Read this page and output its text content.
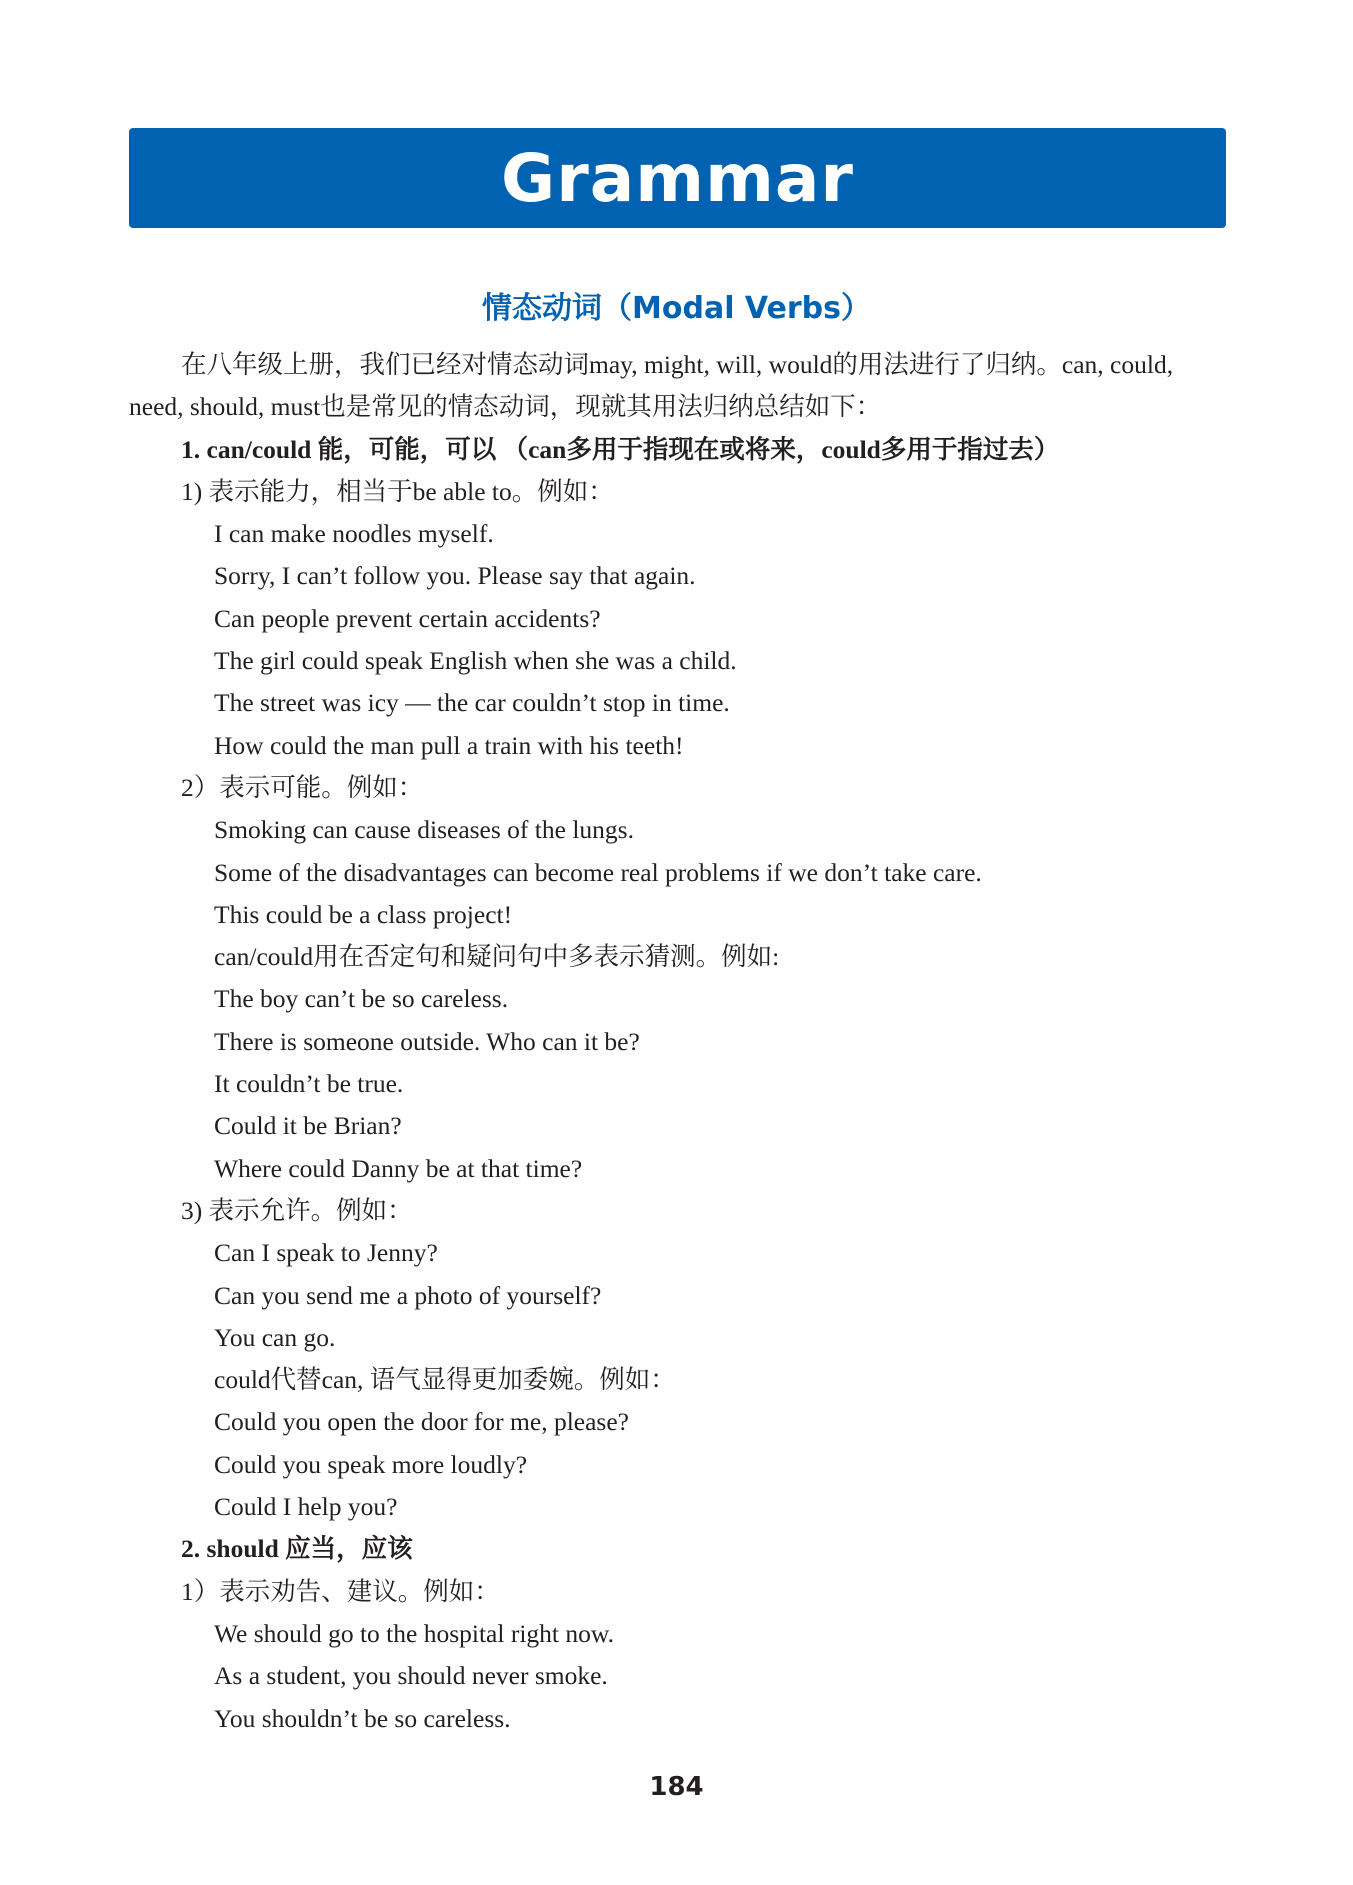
Grammar
情态动词（Modal Verbs）
在八年级上册，我们已经对情态动词may, might, will, would的用法进行了归纳。can, could,
need, should, must也是常见的情态动词，现就其用法归纳总结如下：
1. can/could 能，可能，可以 （can多用于指现在或将来，could多用于指过去）
1) 表示能力，相当于be able to。例如：
I can make noodles myself.
Sorry, I can’t follow you. Please say that again.
Can people prevent certain accidents?
The girl could speak English when she was a child.
The street was icy — the car couldn’t stop in time.
How could the man pull a train with his teeth!
2）表示可能。例如：
Smoking can cause diseases of the lungs.
Some of the disadvantages can become real problems if we don’t take care.
This could be a class project!
can/could用在否定句和疑问句中多表示猜测。例如:
The boy can’t be so careless.
There is someone outside. Who can it be?
It couldn’t be true.
Could it be Brian?
Where could Danny be at that time?
3) 表示允许。例如：
Can I speak to Jenny?
Can you send me a photo of yourself?
You can go.
could代替can, 语气显得更加委婉。例如：
Could you open the door for me, please?
Could you speak more loudly?
Could I help you?
2. should 应当，应该
1）表示劝告、建议。例如：
We should go to the hospital right now.
As a student, you should never smoke.
You shouldn’t be so careless.
184
